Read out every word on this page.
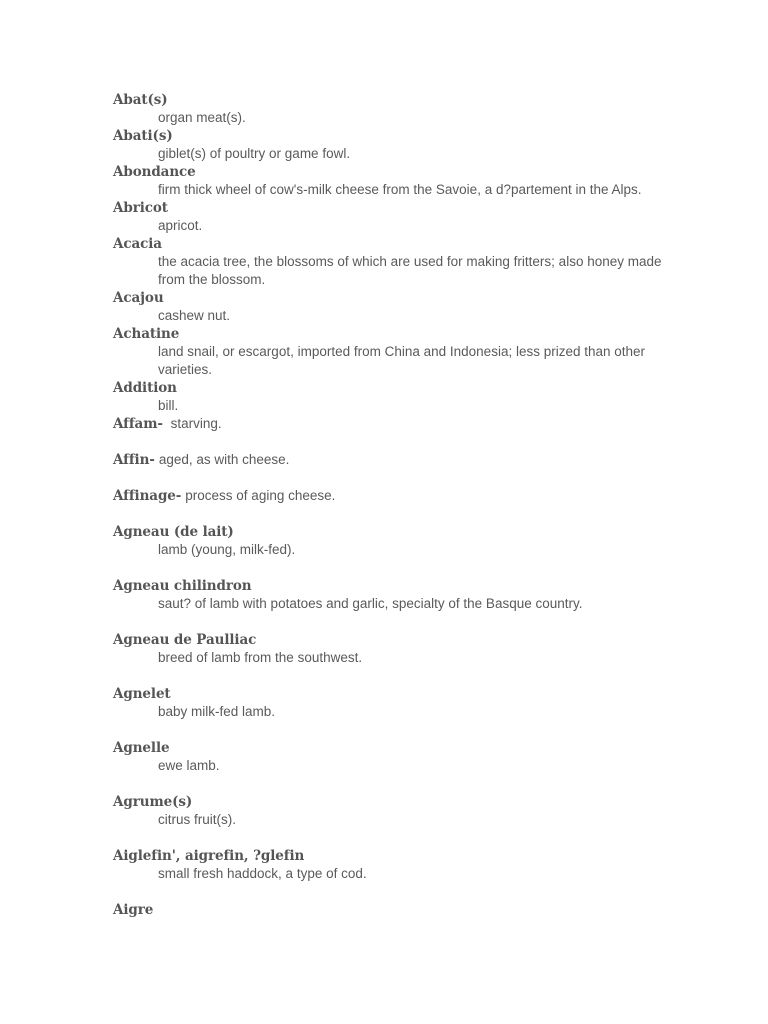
Abat(s)
organ meat(s).
Abati(s)
giblet(s) of poultry or game fowl.
Abondance
firm thick wheel of cow's-milk cheese from the Savoie, a d?partement in the Alps.
Abricot
apricot.
Acacia
the acacia tree, the blossoms of which are used for making fritters; also honey made from the blossom.
Acajou
cashew nut.
Achatine
land snail, or escargot, imported from China and Indonesia; less prized than other varieties.
Addition
bill.
Affam- starving.
Affin- aged, as with cheese.
Affinage- process of aging cheese.
Agneau (de lait)
lamb (young, milk-fed).
Agneau chilindron
saut? of lamb with potatoes and garlic, specialty of the Basque country.
Agneau de Paulliac
breed of lamb from the southwest.
Agnelet
baby milk-fed lamb.
Agnelle
ewe lamb.
Agrume(s)
citrus fruit(s).
Aiglefin', aigrefin, ?glefin
small fresh haddock, a type of cod.
Aigre
